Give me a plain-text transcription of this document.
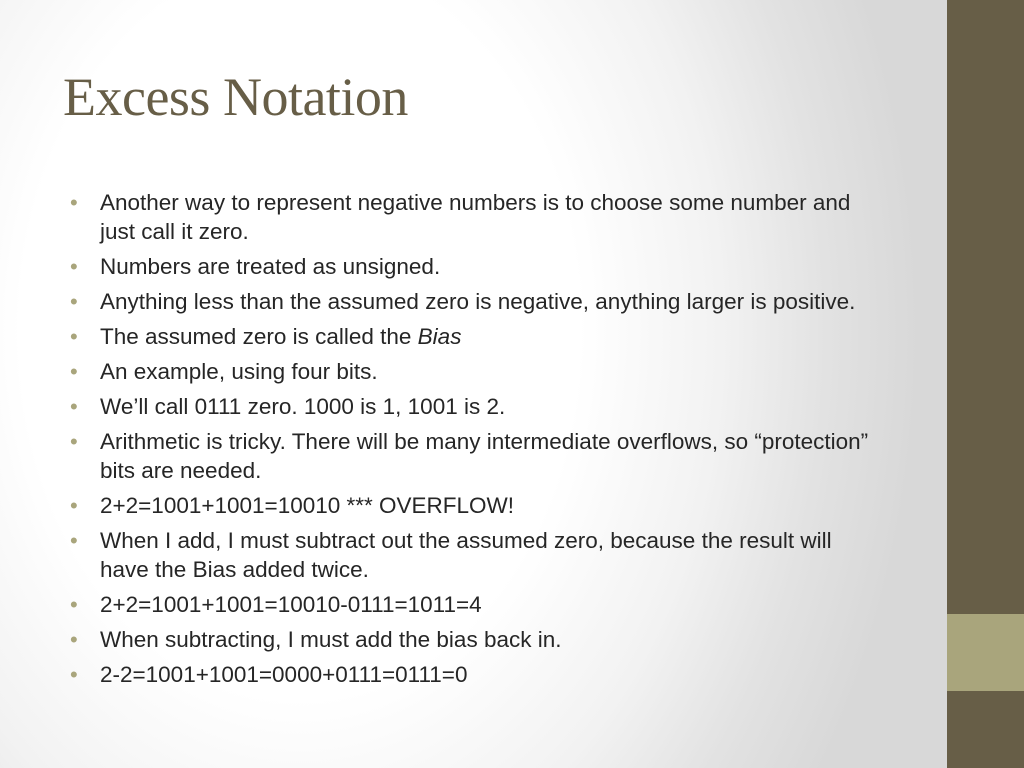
Excess Notation
• Another way to represent negative numbers is to choose some number and just call it zero.
• Numbers are treated as unsigned.
• Anything less than the assumed zero is negative, anything larger is positive.
• The assumed zero is called the Bias
• An example, using four bits.
• We’ll call 0111 zero. 1000 is 1, 1001 is 2.
• Arithmetic is tricky. There will be many intermediate overflows, so “protection” bits are needed.
• 2+2=1001+1001=10010 *** OVERFLOW!
• When I add, I must subtract out the assumed zero, because the result will have the Bias added twice.
• 2+2=1001+1001=10010-0111=1011=4
• When subtracting, I must add the bias back in.
• 2-2=1001+1001=0000+0111=0111=0
